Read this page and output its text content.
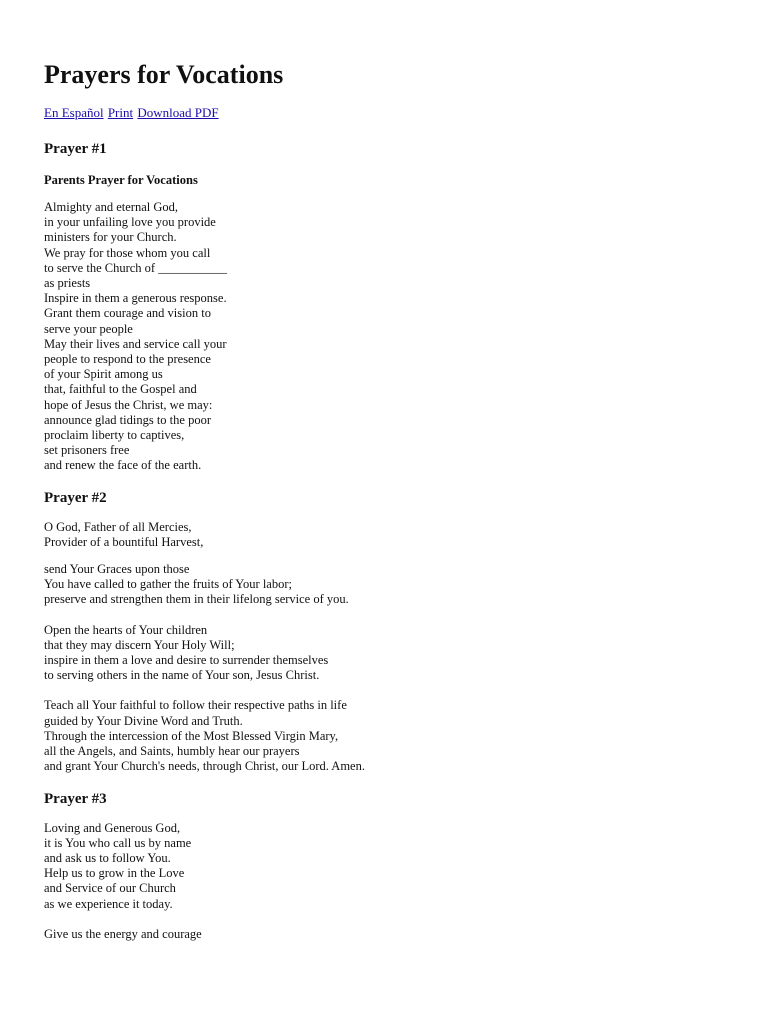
Prayers for Vocations
En Español Print Download PDF
Prayer #1
Parents Prayer for Vocations

Almighty and eternal God,
in your unfailing love you provide
ministers for your Church.
We pray for those whom you call
to serve the Church of ___________
as priests
Inspire in them a generous response.
Grant them courage and vision to
serve your people
May their lives and service call your
people to respond to the presence
of your Spirit among us
that, faithful to the Gospel and
hope of Jesus the Christ, we may:
announce glad tidings to the poor
proclaim liberty to captives,
set prisoners free
and renew the face of the earth.

Prayer #2

O God, Father of all Mercies,
Provider of a bountiful Harvest,

send Your Graces upon those
You have called to gather the fruits of Your labor;
preserve and strengthen them in their lifelong service of you.

Open the hearts of Your children
that they may discern Your Holy Will;
inspire in them a love and desire to surrender themselves
to serving others in the name of Your son, Jesus Christ.

Teach all Your faithful to follow their respective paths in life
guided by Your Divine Word and Truth.
Through the intercession of the Most Blessed Virgin Mary,
all the Angels, and Saints, humbly hear our prayers
and grant Your Church's needs, through Christ, our Lord. Amen.

Prayer #3

Loving and Generous God,
it is You who call us by name
and ask us to follow You.
Help us to grow in the Love
and Service of our Church
as we experience it today.

Give us the energy and courage
